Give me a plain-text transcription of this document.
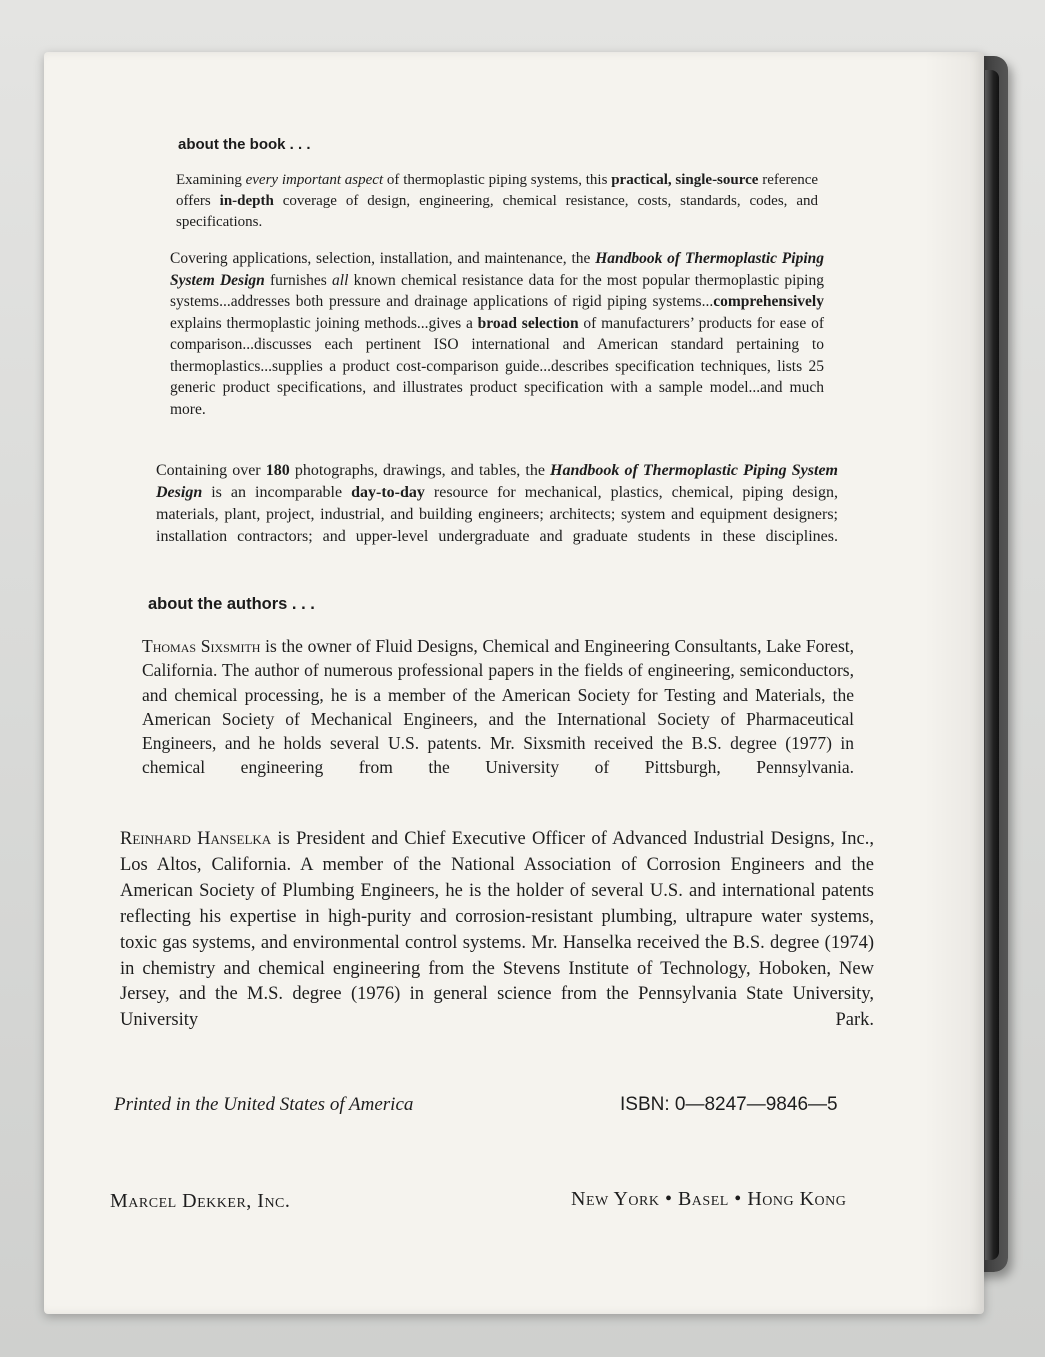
about the book . . .

Examining every important aspect of thermoplastic piping systems, this practical, single-source reference offers in-depth coverage of design, engineering, chemical resistance, costs, standards, codes, and specifications.

Covering applications, selection, installation, and maintenance, the Handbook of Thermoplastic Piping System Design furnishes all known chemical resistance data for the most popular thermoplastic piping systems...addresses both pressure and drainage applications of rigid piping systems...comprehensively explains thermoplastic joining methods...gives a broad selection of manufacturers’ products for ease of comparison...discusses each pertinent ISO international and American standard pertaining to thermoplastics...supplies a product cost-comparison guide...describes specification techniques, lists 25 generic product specifications, and illustrates product specification with a sample model...and much more.

Containing over 180 photographs, drawings, and tables, the Handbook of Thermoplastic Piping System Design is an incomparable day-to-day resource for mechanical, plastics, chemical, piping design, materials, plant, project, industrial, and building engineers; architects; system and equipment designers; installation contractors; and upper-level undergraduate and graduate students in these disciplines.

about the authors . . .

Thomas Sixsmith is the owner of Fluid Designs, Chemical and Engineering Consultants, Lake Forest, California. The author of numerous professional papers in the fields of engineering, semiconductors, and chemical processing, he is a member of the American Society for Testing and Materials, the American Society of Mechanical Engineers, and the International Society of Pharmaceutical Engineers, and he holds several U.S. patents. Mr. Sixsmith received the B.S. degree (1977) in chemical engineering from the University of Pittsburgh, Pennsylvania.

Reinhard Hanselka is President and Chief Executive Officer of Advanced Industrial Designs, Inc., Los Altos, California. A member of the National Association of Corrosion Engineers and the American Society of Plumbing Engineers, he is the holder of several U.S. and international patents reflecting his expertise in high-purity and corrosion-resistant plumbing, ultrapure water systems, toxic gas systems, and environmental control systems. Mr. Hanselka received the B.S. degree (1974) in chemistry and chemical engineering from the Stevens Institute of Technology, Hoboken, New Jersey, and the M.S. degree (1976) in general science from the Pennsylvania State University, University Park.

Printed in the United States of America	ISBN: 0—8247—9846—5

Marcel Dekker, Inc.	New York • Basel • Hong Kong
